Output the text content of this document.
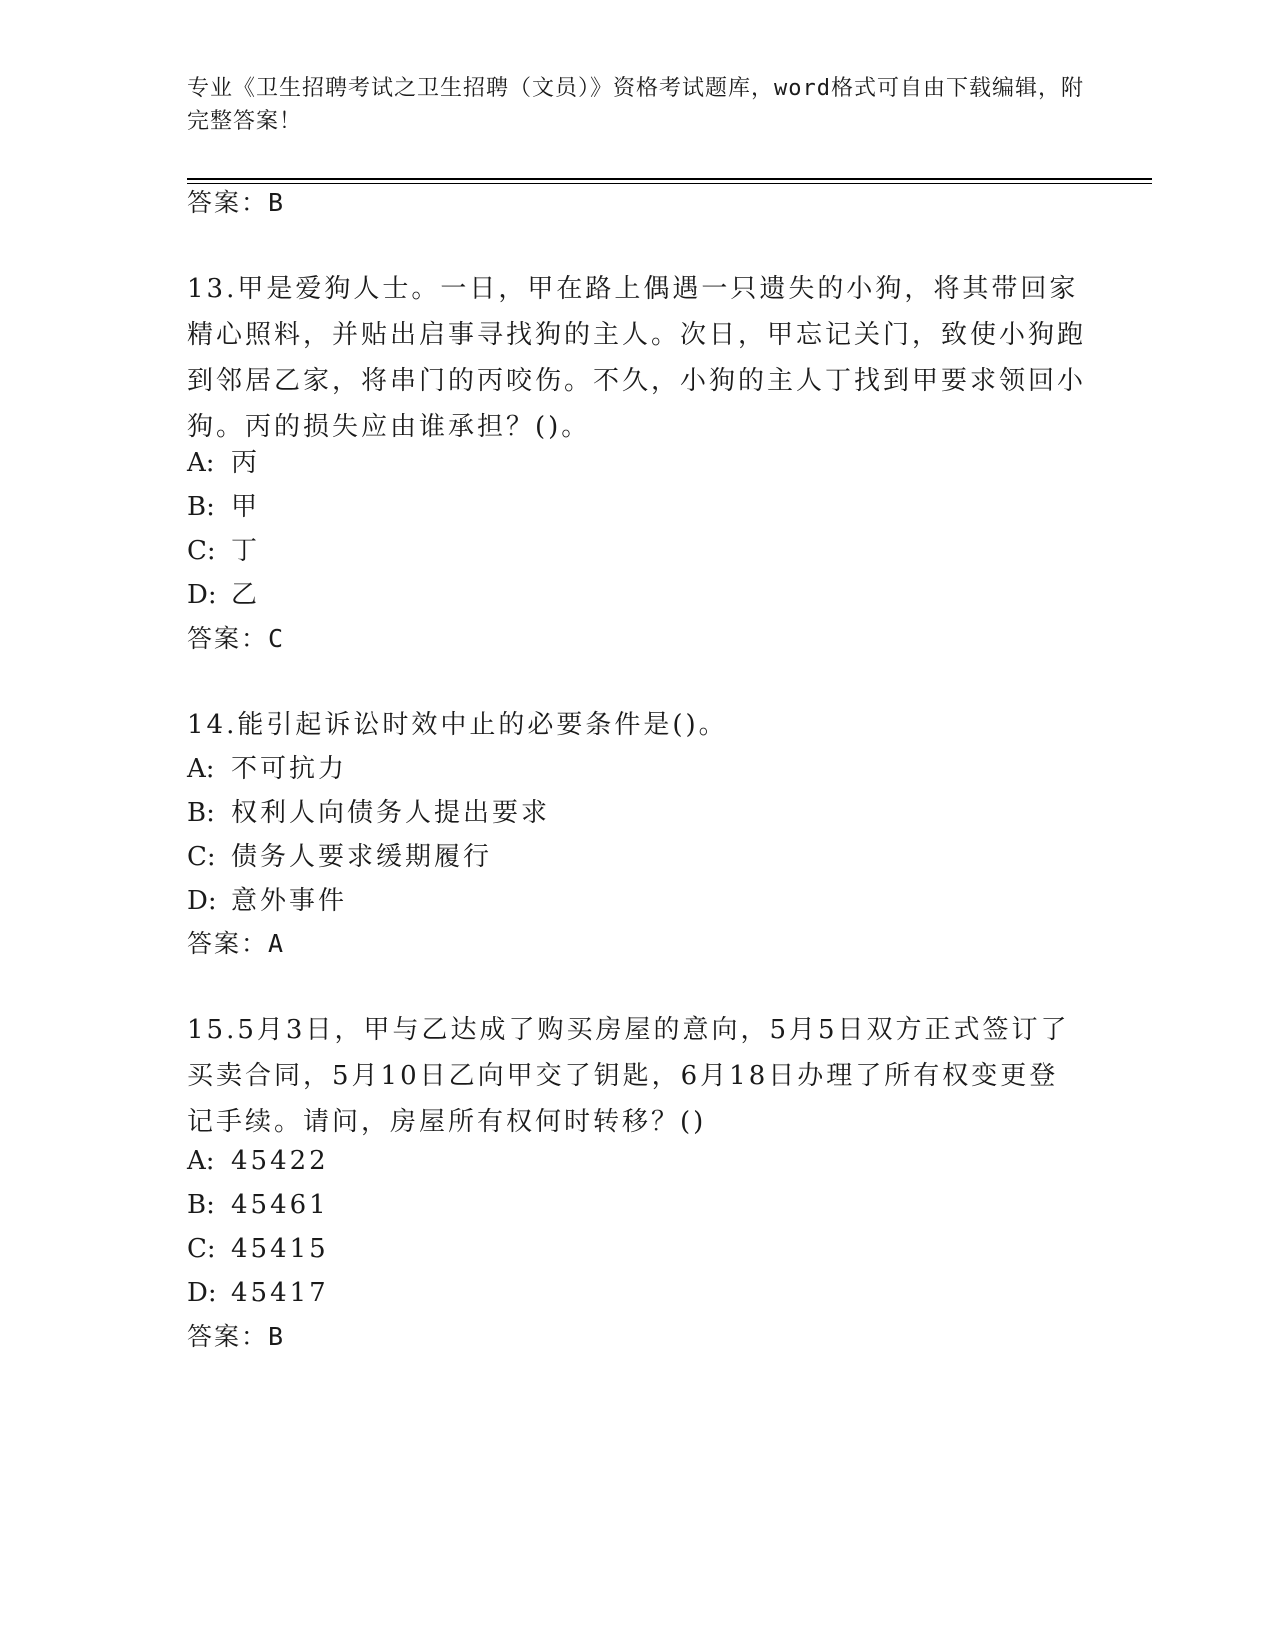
专业《卫生招聘考试之卫生招聘（文员）》资格考试题库，word格式可自由下载编辑，附完整答案！
答案：B
13.甲是爱狗人士。一日，甲在路上偶遇一只遗失的小狗，将其带回家精心照料，并贴出启事寻找狗的主人。次日，甲忘记关门，致使小狗跑到邻居乙家，将串门的丙咬伤。不久，小狗的主人丁找到甲要求领回小狗。丙的损失应由谁承担？()。
A: 丙
B: 甲
C: 丁
D: 乙
答案：C
14.能引起诉讼时效中止的必要条件是()。
A: 不可抗力
B: 权利人向债务人提出要求
C: 债务人要求缓期履行
D: 意外事件
答案：A
15.5月3日，甲与乙达成了购买房屋的意向，5月5日双方正式签订了买卖合同，5月10日乙向甲交了钥匙，6月18日办理了所有权变更登记手续。请问，房屋所有权何时转移？()
A: 45422
B: 45461
C: 45415
D: 45417
答案：B
